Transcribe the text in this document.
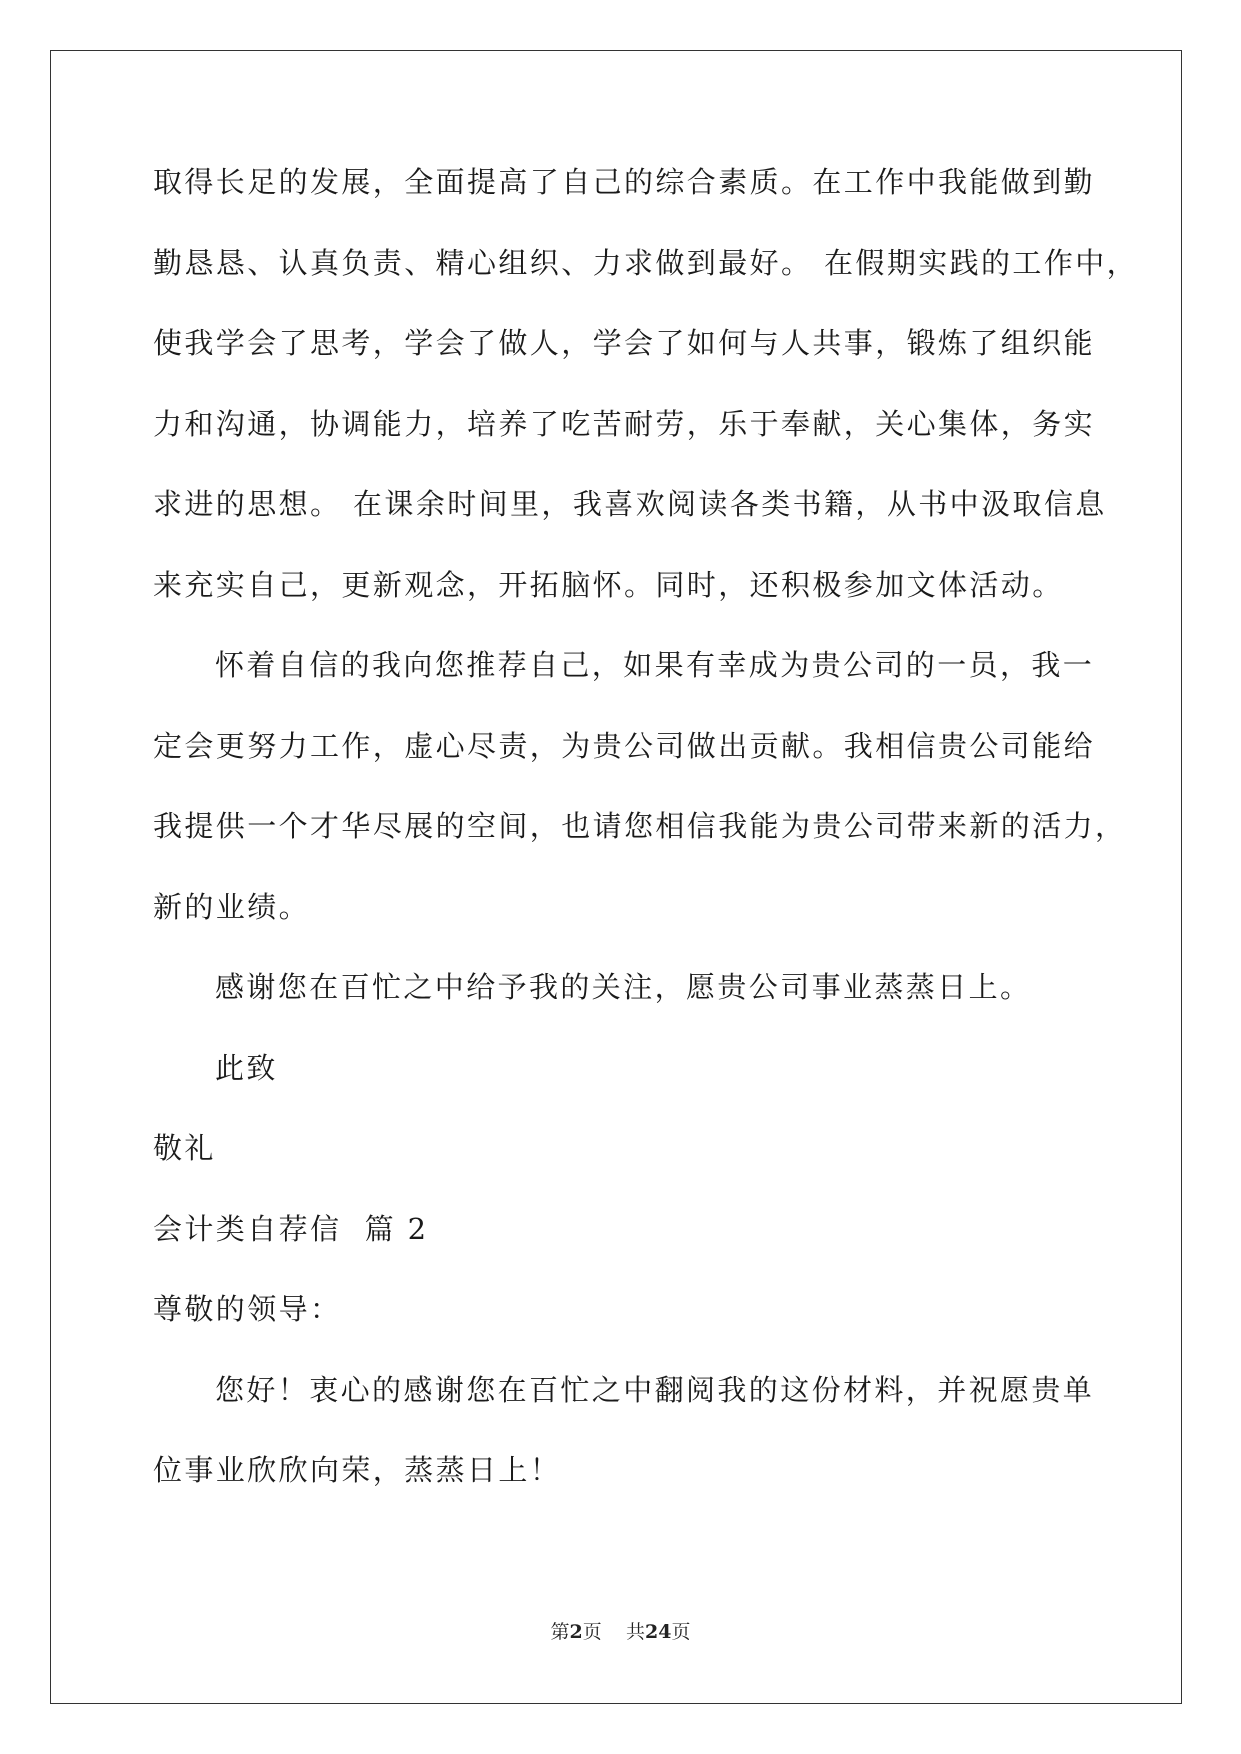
取得长足的发展，全面提高了自己的综合素质。在工作中我能做到勤
勤恳恳、认真负责、精心组织、力求做到最好。 在假期实践的工作中，
使我学会了思考，学会了做人，学会了如何与人共事，锻炼了组织能
力和沟通，协调能力，培养了吃苦耐劳，乐于奉献，关心集体，务实
求进的思想。 在课余时间里，我喜欢阅读各类书籍，从书中汲取信息
来充实自己，更新观念，开拓脑怀。同时，还积极参加文体活动。
怀着自信的我向您推荐自己，如果有幸成为贵公司的一员，我一
定会更努力工作，虚心尽责，为贵公司做出贡献。我相信贵公司能给
我提供一个才华尽展的空间，也请您相信我能为贵公司带来新的活力，
新的业绩。
感谢您在百忙之中给予我的关注，愿贵公司事业蒸蒸日上。
此致
敬礼
会计类自荐信  篇 2
尊敬的领导：
您好！衷心的感谢您在百忙之中翻阅我的这份材料，并祝愿贵单
位事业欣欣向荣，蒸蒸日上！
第2页 共24页
